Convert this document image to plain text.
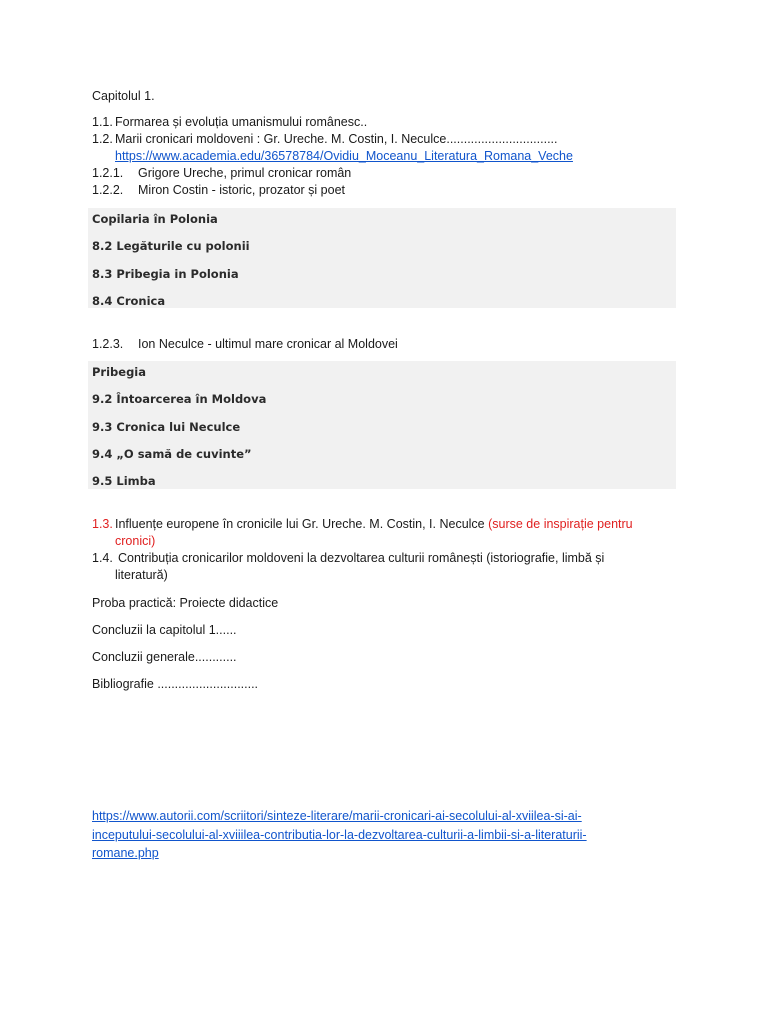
Capitolul 1.
1.1. Formarea și evoluția umanismului românesc..
1.2. Marii cronicari moldoveni : Gr. Ureche. M. Costin, I. Neculce................................
https://www.academia.edu/36578784/Ovidiu_Moceanu_Literatura_Romana_Veche
1.2.1. Grigore Ureche, primul cronicar român
1.2.2. Miron Costin - istoric, prozator și poet
Copilaria în Polonia
8.2 Legăturile cu polonii
8.3 Pribegia in Polonia
8.4 Cronica
1.2.3. Ion Neculce - ultimul mare cronicar al Moldovei
Pribegia
9.2 Întoarcerea în Moldova
9.3 Cronica lui Neculce
9.4 „O samă de cuvinte”
9.5 Limba
1.3. Influențe europene în cronicile lui Gr. Ureche. M. Costin, I. Neculce (surse de inspirație pentru
cronici)
1.4. Contribuția cronicarilor moldoveni la dezvoltarea culturii românești (istoriografie, limbă și
literatură)
Proba practică: Proiecte didactice
Concluzii la capitolul 1......
Concluzii generale............
Bibliografie .............................
https://www.autorii.com/scriitori/sinteze-literare/marii-cronicari-ai-secolului-al-xviilea-si-ai-
inceputului-secolului-al-xviiilea-contributia-lor-la-dezvoltarea-culturii-a-limbii-si-a-literaturii-
romane.php
